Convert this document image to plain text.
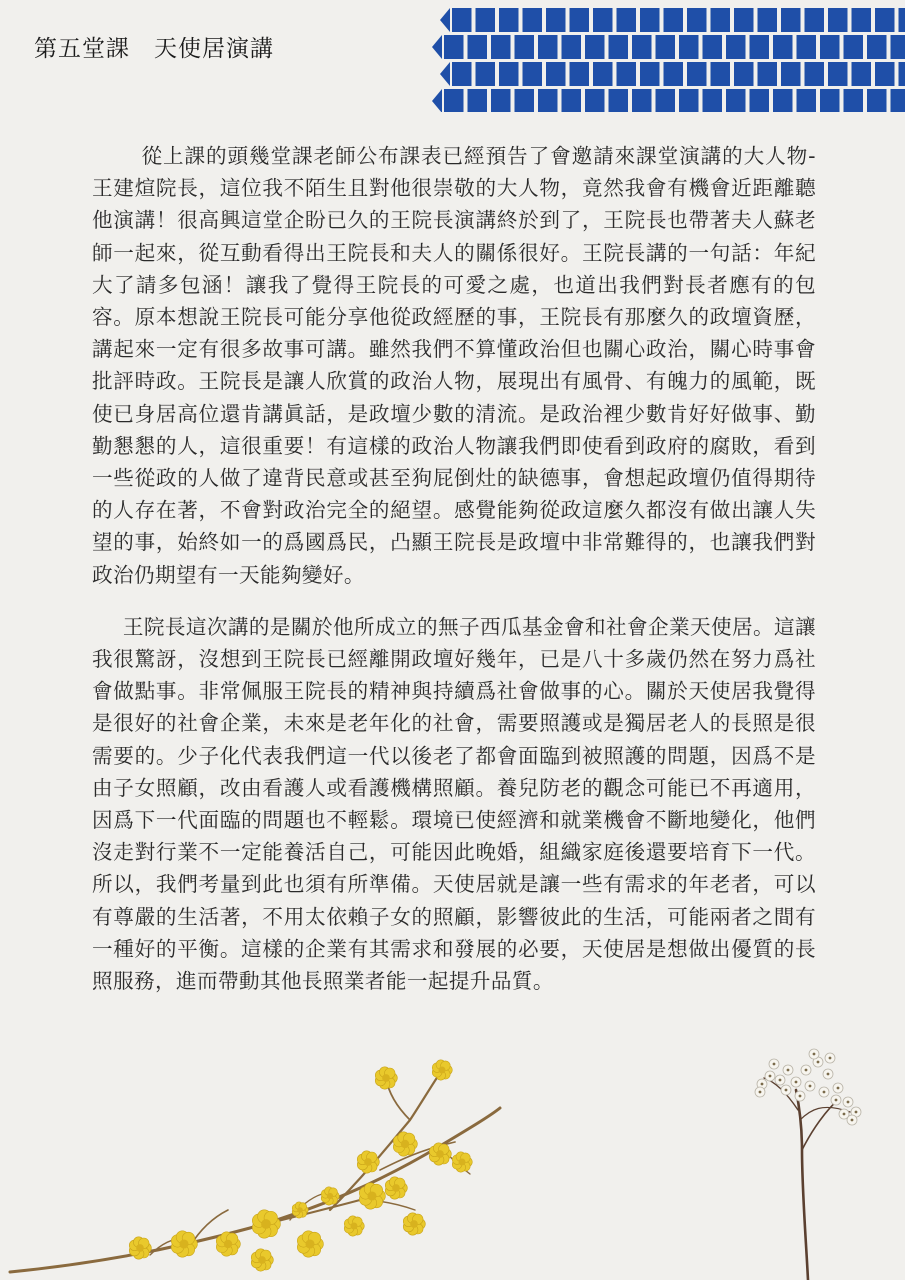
第五堂課　天使居演講

從上課的頭幾堂課老師公布課表已經預告了會邀請來課堂演講的大人物-王建煊院長，這位我不陌生且對他很崇敬的大人物，竟然我會有機會近距離聽他演講！很高興這堂企盼已久的王院長演講終於到了，王院長也帶著夫人蘇老師一起來，從互動看得出王院長和夫人的關係很好。王院長講的一句話：年紀大了請多包涵！讓我了覺得王院長的可愛之處，也道出我們對長者應有的包容。原本想說王院長可能分享他從政經歷的事，王院長有那麼久的政壇資歷，講起來一定有很多故事可講。雖然我們不算懂政治但也關心政治，關心時事會批評時政。王院長是讓人欣賞的政治人物，展現出有風骨、有魄力的風範，既使已身居高位還肯講眞話，是政壇少數的清流。是政治裡少數肯好好做事、勤勤懇懇的人，這很重要！有這樣的政治人物讓我們即使看到政府的腐敗，看到一些從政的人做了違背民意或甚至狗屁倒灶的缺德事，會想起政壇仍值得期待的人存在著，不會對政治完全的絕望。感覺能夠從政這麼久都沒有做出讓人失望的事，始終如一的爲國爲民，凸顯王院長是政壇中非常難得的，也讓我們對政治仍期望有一天能夠變好。

王院長這次講的是關於他所成立的無子西瓜基金會和社會企業天使居。這讓我很驚訝，沒想到王院長已經離開政壇好幾年，已是八十多歲仍然在努力爲社會做點事。非常佩服王院長的精神與持續爲社會做事的心。關於天使居我覺得是很好的社會企業，未來是老年化的社會，需要照護或是獨居老人的長照是很需要的。少子化代表我們這一代以後老了都會面臨到被照護的問題，因爲不是由子女照顧，改由看護人或看護機構照顧。養兒防老的觀念可能已不再適用，因爲下一代面臨的問題也不輕鬆。環境已使經濟和就業機會不斷地變化，他們沒走對行業不一定能養活自己，可能因此晚婚，組織家庭後還要培育下一代。所以，我們考量到此也須有所準備。天使居就是讓一些有需求的年老者，可以有尊嚴的生活著，不用太依賴子女的照顧，影響彼此的生活，可能兩者之間有一種好的平衡。這樣的企業有其需求和發展的必要，天使居是想做出優質的長照服務，進而帶動其他長照業者能一起提升品質。
